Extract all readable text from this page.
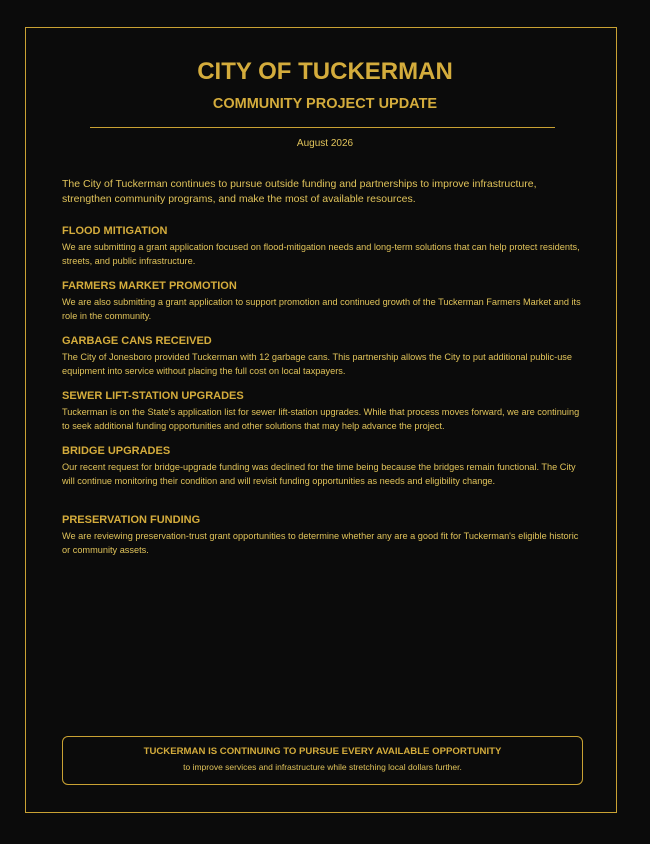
CITY OF TUCKERMAN
COMMUNITY PROJECT UPDATE
August 2026

The City of Tuckerman continues to pursue outside funding and partnerships to improve infrastructure, strengthen community programs, and make the most of available resources.

FLOOD MITIGATION

We are submitting a grant application focused on flood-mitigation needs and long-term solutions that can help protect residents, streets, and public infrastructure.

FARMERS MARKET PROMOTION

We are also submitting a grant application to support promotion and continued growth of the Tuckerman Farmers Market and its role in the community.

GARBAGE CANS RECEIVED

The City of Jonesboro provided Tuckerman with 12 garbage cans. This partnership allows the City to put additional public-use equipment into service without placing the full cost on local taxpayers.

SEWER LIFT-STATION UPGRADES

Tuckerman is on the State's application list for sewer lift-station upgrades. While that process moves forward, we are continuing to seek additional funding opportunities and other solutions that may help advance the project.

BRIDGE UPGRADES

Our recent request for bridge-upgrade funding was declined for the time being because the bridges remain functional. The City will continue monitoring their condition and will revisit funding opportunities as needs and eligibility change.

PRESERVATION FUNDING

We are reviewing preservation-trust grant opportunities to determine whether any are a good fit for Tuckerman's eligible historic or community assets.

TUCKERMAN IS CONTINUING TO PURSUE EVERY AVAILABLE OPPORTUNITY
to improve services and infrastructure while stretching local dollars further.
